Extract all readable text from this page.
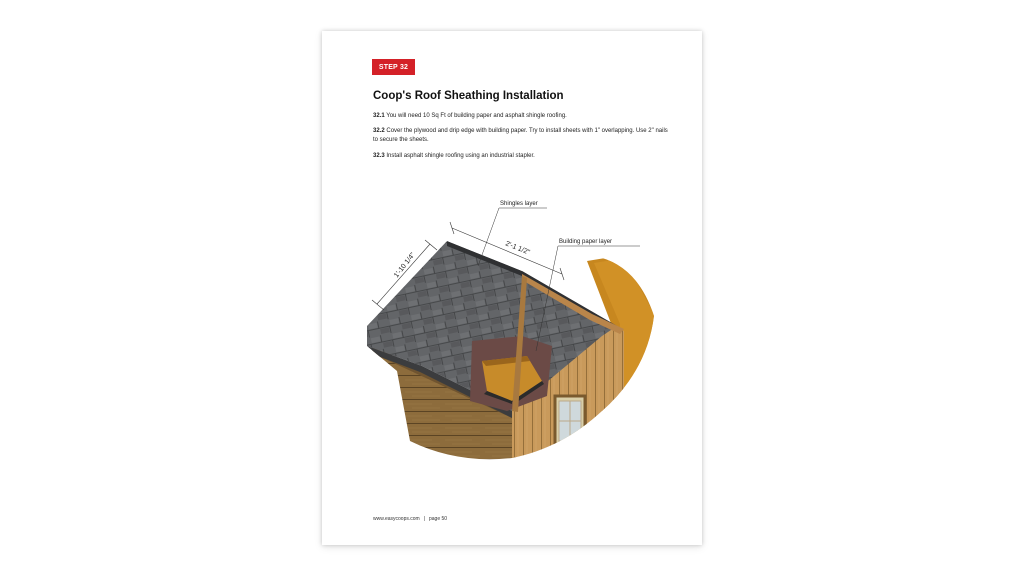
STEP 32
Coop's Roof Sheathing Installation

32.1 You will need 10 Sq Ft of building paper and asphalt shingle roofing.

32.2 Cover the plywood and drip edge with building paper. Try to install sheets with 1" overlapping. Use 2" nails to secure the sheets.

32.3 Install asphalt shingle roofing using an industrial stapler.

1'-10 1/4"
2'-1 1/2"
Shingles layer
Building paper layer
www.easycoops.com | page 50
